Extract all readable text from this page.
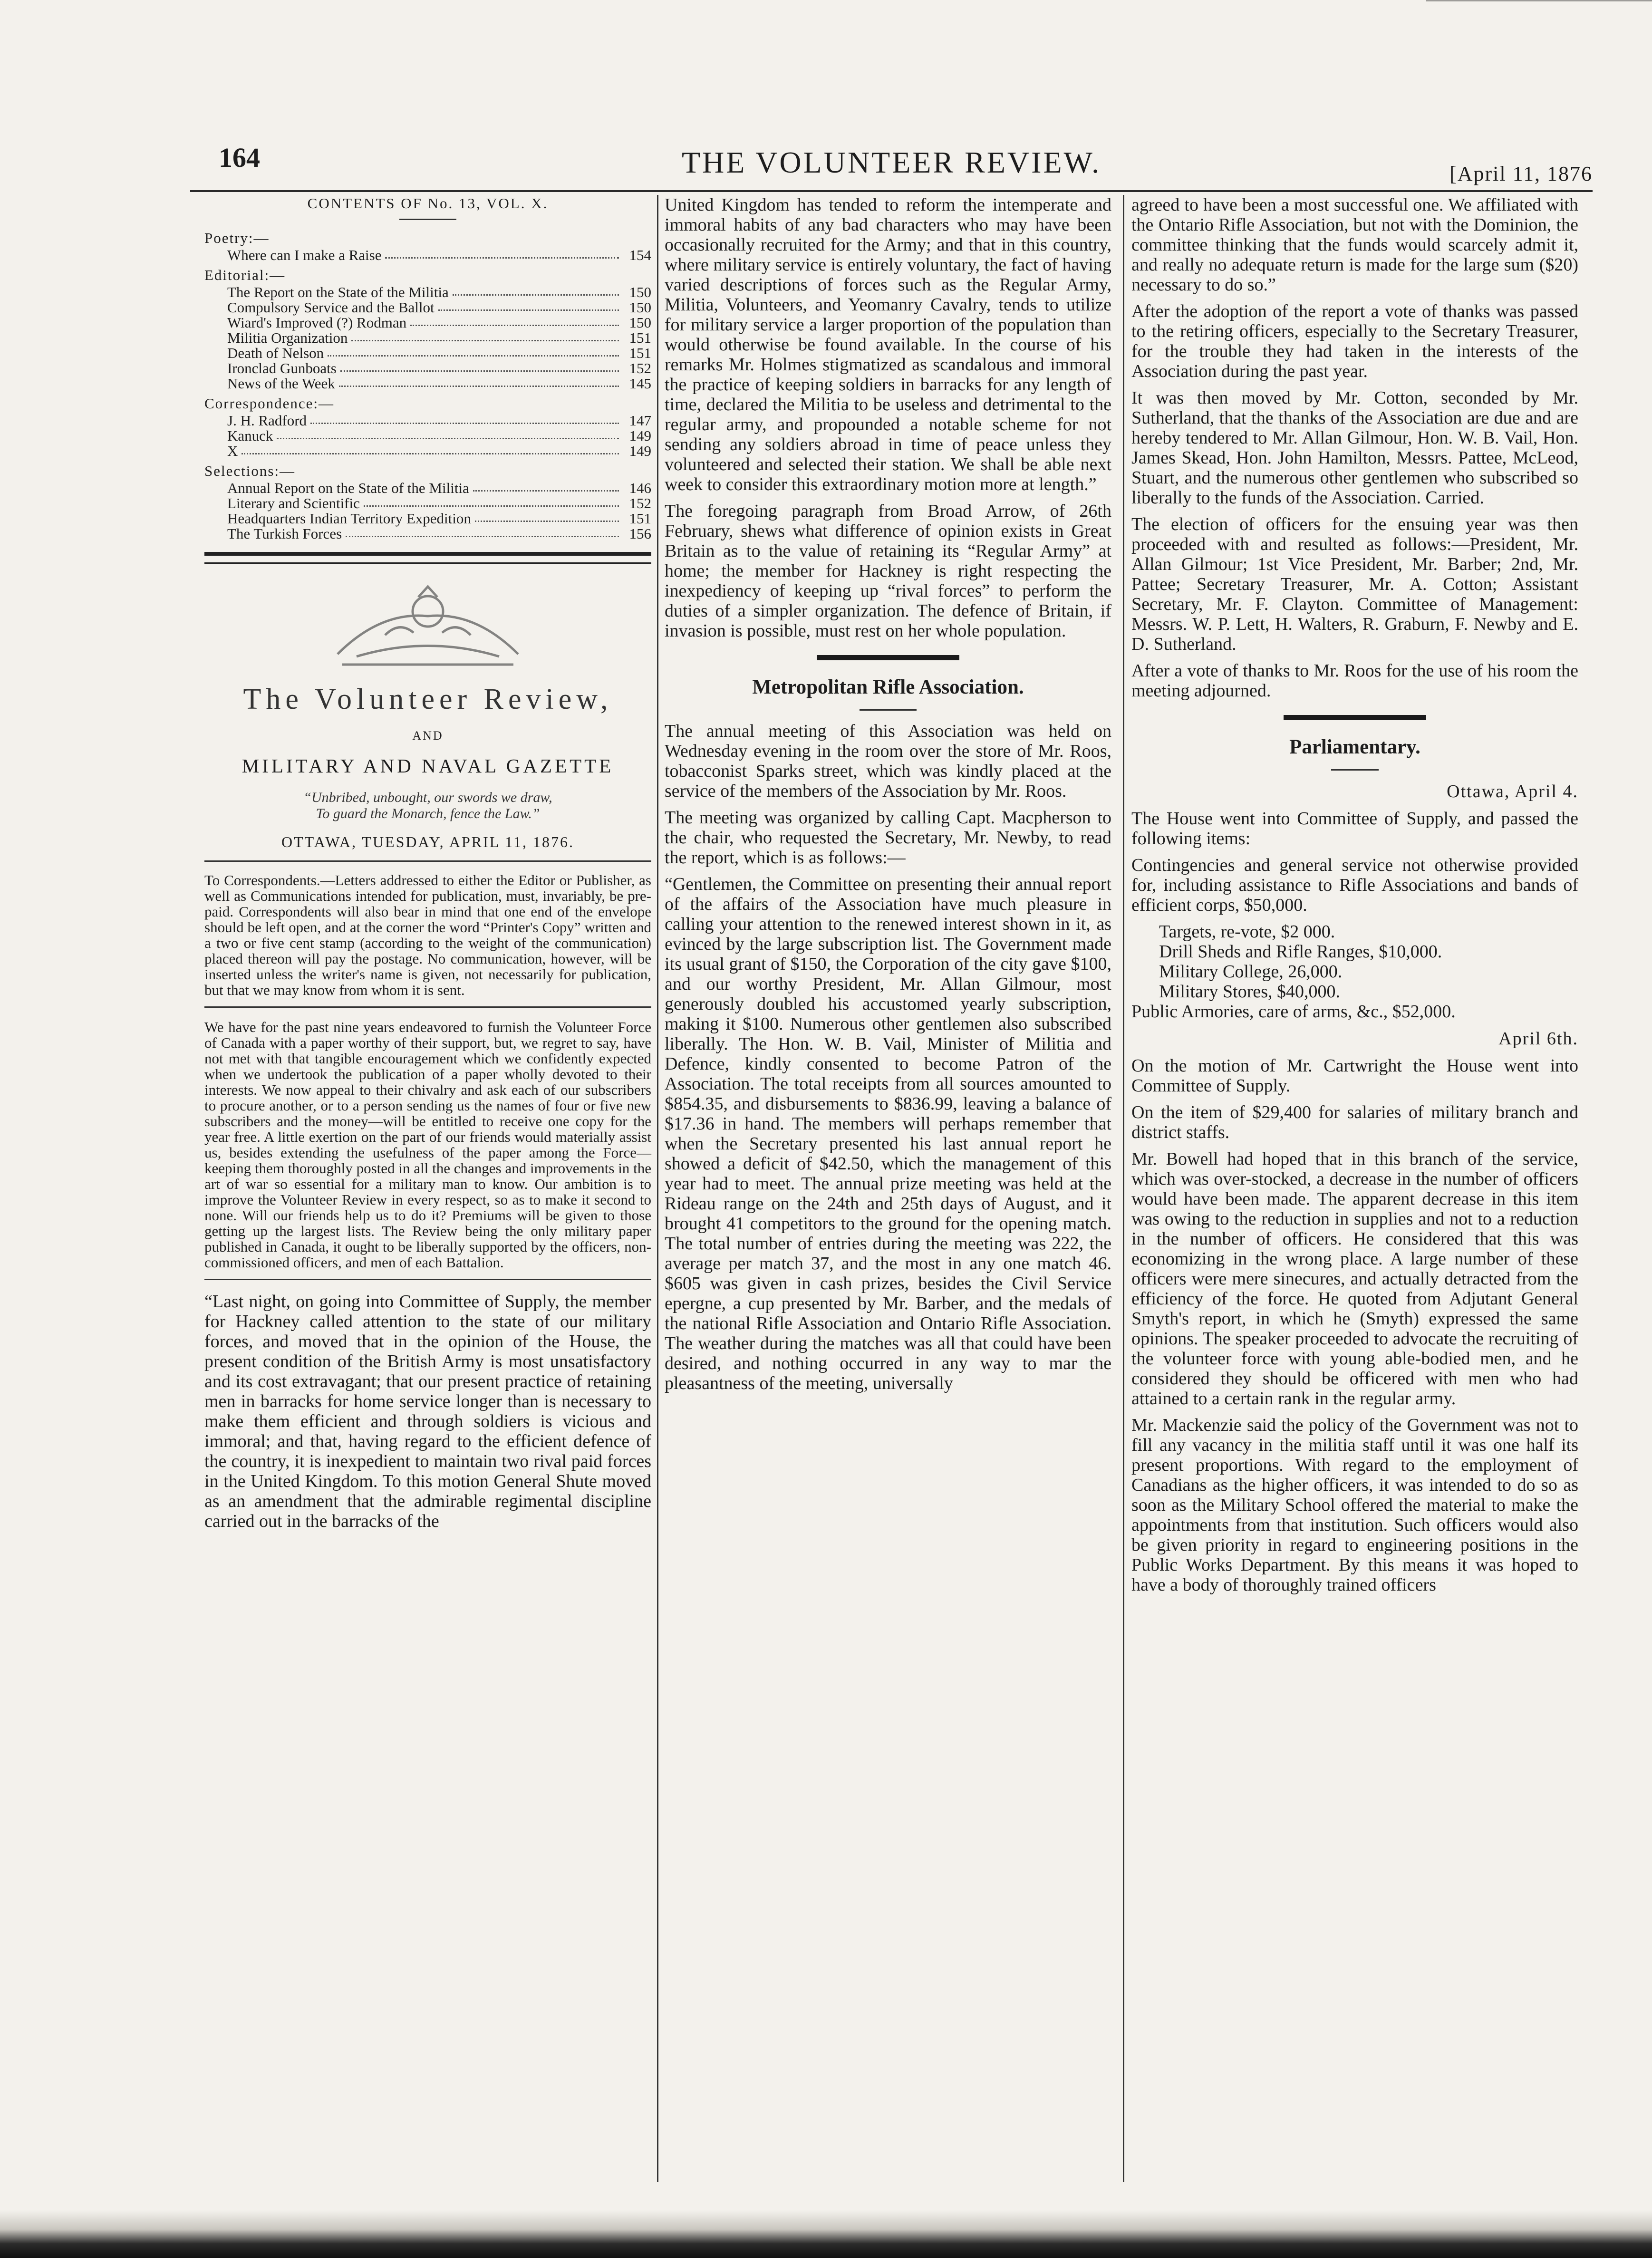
164	THE VOLUNTEER REVIEW.	[April 11, 1876
CONTENTS OF No. 13, VOL. X.
Poetry:—
Where can I make a Raise	154
Editorial:—
The Report on the State of the Militia	150
Compulsory Service and the Ballot	150
Wiard's Improved (?) Rodman	150
Militia Organization	151
Death of Nelson	151
Ironclad Gunboats	152
News of the Week	145
Correspondence:—
J. H. Radford	147
Kanuck	149
X	149
Selections:—
Annual Report on the State of the Militia	146
Literary and Scientific	152
Headquarters Indian Territory Expedition	151
The Turkish Forces	156
The Volunteer Review,
AND
MILITARY AND NAVAL GAZETTE
“Unbribed, unbought, our swords we draw,
To guard the Monarch, fence the Law.”
OTTAWA, TUESDAY, APRIL 11, 1876.

To Correspondents.—Letters addressed to either the Editor or Publisher, as well as Communications intended for publication, must, invariably, be pre-paid. Correspondents will also bear in mind that one end of the envelope should be left open, and at the corner the word “Printer's Copy” written and a two or five cent stamp (according to the weight of the communication) placed thereon will pay the postage. No communication, however, will be inserted unless the writer's name is given, not necessarily for publication, but that we may know from whom it is sent.

We have for the past nine years endeavored to furnish the Volunteer Force of Canada with a paper worthy of their support, but, we regret to say, have not met with that tangible encouragement which we confidently expected when we undertook the publication of a paper wholly devoted to their interests. We now appeal to their chivalry and ask each of our subscribers to procure another, or to a person sending us the names of four or five new subscribers and the money—will be entitled to receive one copy for the year free. A little exertion on the part of our friends would materially assist us, besides extending the usefulness of the paper among the Force—keeping them thoroughly posted in all the changes and improvements in the art of war so essential for a military man to know. Our ambition is to improve the Volunteer Review in every respect, so as to make it second to none. Will our friends help us to do it? Premiums will be given to those getting up the largest lists. The Review being the only military paper published in Canada, it ought to be liberally supported by the officers, non-commissioned officers, and men of each Battalion.

“Last night, on going into Committee of Supply, the member for Hackney called attention to the state of our military forces, and moved that in the opinion of the House, the present condition of the British Army is most unsatisfactory and its cost extravagant; that our present practice of retaining men in barracks for home service longer than is necessary to make them efficient and through soldiers is vicious and immoral; and that, having regard to the efficient defence of the country, it is inexpedient to maintain two rival paid forces in the United Kingdom. To this motion General Shute moved as an amendment that the admirable regimental discipline carried out in the barracks of the

United Kingdom has tended to reform the intemperate and immoral habits of any bad characters who may have been occasionally recruited for the Army; and that in this country, where military service is entirely voluntary, the fact of having varied descriptions of forces such as the Regular Army, Militia, Volunteers, and Yeomanry Cavalry, tends to utilize for military service a larger proportion of the population than would otherwise be found available. In the course of his remarks Mr. Holmes stigmatized as scandalous and immoral the practice of keeping soldiers in barracks for any length of time, declared the Militia to be useless and detrimental to the regular army, and propounded a notable scheme for not sending any soldiers abroad in time of peace unless they volunteered and selected their station. We shall be able next week to consider this extraordinary motion more at length.”

The foregoing paragraph from Broad Arrow, of 26th February, shews what difference of opinion exists in Great Britain as to the value of retaining its “Regular Army” at home; the member for Hackney is right respecting the inexpediency of keeping up “rival forces” to perform the duties of a simpler organization. The defence of Britain, if invasion is possible, must rest on her whole population.

Metropolitan Rifle Association.

The annual meeting of this Association was held on Wednesday evening in the room over the store of Mr. Roos, tobacconist Sparks street, which was kindly placed at the service of the members of the Association by Mr. Roos.

The meeting was organized by calling Capt. Macpherson to the chair, who requested the Secretary, Mr. Newby, to read the report, which is as follows:—

“Gentlemen, the Committee on presenting their annual report of the affairs of the Association have much pleasure in calling your attention to the renewed interest shown in it, as evinced by the large subscription list. The Government made its usual grant of $150, the Corporation of the city gave $100, and our worthy President, Mr. Allan Gilmour, most generously doubled his accustomed yearly subscription, making it $100. Numerous other gentlemen also subscribed liberally. The Hon. W. B. Vail, Minister of Militia and Defence, kindly consented to become Patron of the Association. The total receipts from all sources amounted to $854.35, and disbursements to $836.99, leaving a balance of $17.36 in hand. The members will perhaps remember that when the Secretary presented his last annual report he showed a deficit of $42.50, which the management of this year had to meet. The annual prize meeting was held at the Rideau range on the 24th and 25th days of August, and it brought 41 competitors to the ground for the opening match. The total number of entries during the meeting was 222, the average per match 37, and the most in any one match 46. $605 was given in cash prizes, besides the Civil Service epergne, a cup presented by Mr. Barber, and the medals of the national Rifle Association and Ontario Rifle Association. The weather during the matches was all that could have been desired, and nothing occurred in any way to mar the pleasantness of the meeting, universally

agreed to have been a most successful one. We affiliated with the Ontario Rifle Association, but not with the Dominion, the committee thinking that the funds would scarcely admit it, and really no adequate return is made for the large sum ($20) necessary to do so.”

After the adoption of the report a vote of thanks was passed to the retiring officers, especially to the Secretary Treasurer, for the trouble they had taken in the interests of the Association during the past year.

It was then moved by Mr. Cotton, seconded by Mr. Sutherland, that the thanks of the Association are due and are hereby tendered to Mr. Allan Gilmour, Hon. W. B. Vail, Hon. James Skead, Hon. John Hamilton, Messrs. Pattee, McLeod, Stuart, and the numerous other gentlemen who subscribed so liberally to the funds of the Association. Carried.

The election of officers for the ensuing year was then proceeded with and resulted as follows:—President, Mr. Allan Gilmour; 1st Vice President, Mr. Barber; 2nd, Mr. Pattee; Secretary Treasurer, Mr. A. Cotton; Assistant Secretary, Mr. F. Clayton. Committee of Management: Messrs. W. P. Lett, H. Walters, R. Graburn, F. Newby and E. D. Sutherland.

After a vote of thanks to Mr. Roos for the use of his room the meeting adjourned.

Parliamentary.
Ottawa, April 4.

The House went into Committee of Supply, and passed the following items:

Contingencies and general service not otherwise provided for, including assistance to Rifle Associations and bands of efficient corps, $50,000.

Targets, re-vote, $2 000.
Drill Sheds and Rifle Ranges, $10,000.
Military College, 26,000.
Military Stores, $40,000.

Public Armories, care of arms, &c., $52,000.

April 6th.

On the motion of Mr. Cartwright the House went into Committee of Supply.

On the item of $29,400 for salaries of military branch and district staffs.

Mr. Bowell had hoped that in this branch of the service, which was over-stocked, a decrease in the number of officers would have been made. The apparent decrease in this item was owing to the reduction in supplies and not to a reduction in the number of officers. He considered that this was economizing in the wrong place. A large number of these officers were mere sinecures, and actually detracted from the efficiency of the force. He quoted from Adjutant General Smyth's report, in which he (Smyth) expressed the same opinions. The speaker proceeded to advocate the recruiting of the volunteer force with young able-bodied men, and he considered they should be officered with men who had attained to a certain rank in the regular army.

Mr. Mackenzie said the policy of the Government was not to fill any vacancy in the militia staff until it was one half its present proportions. With regard to the employment of Canadians as the higher officers, it was intended to do so as soon as the Military School offered the material to make the appointments from that institution. Such officers would also be given priority in regard to engineering positions in the Public Works Department. By this means it was hoped to have a body of thoroughly trained officers
